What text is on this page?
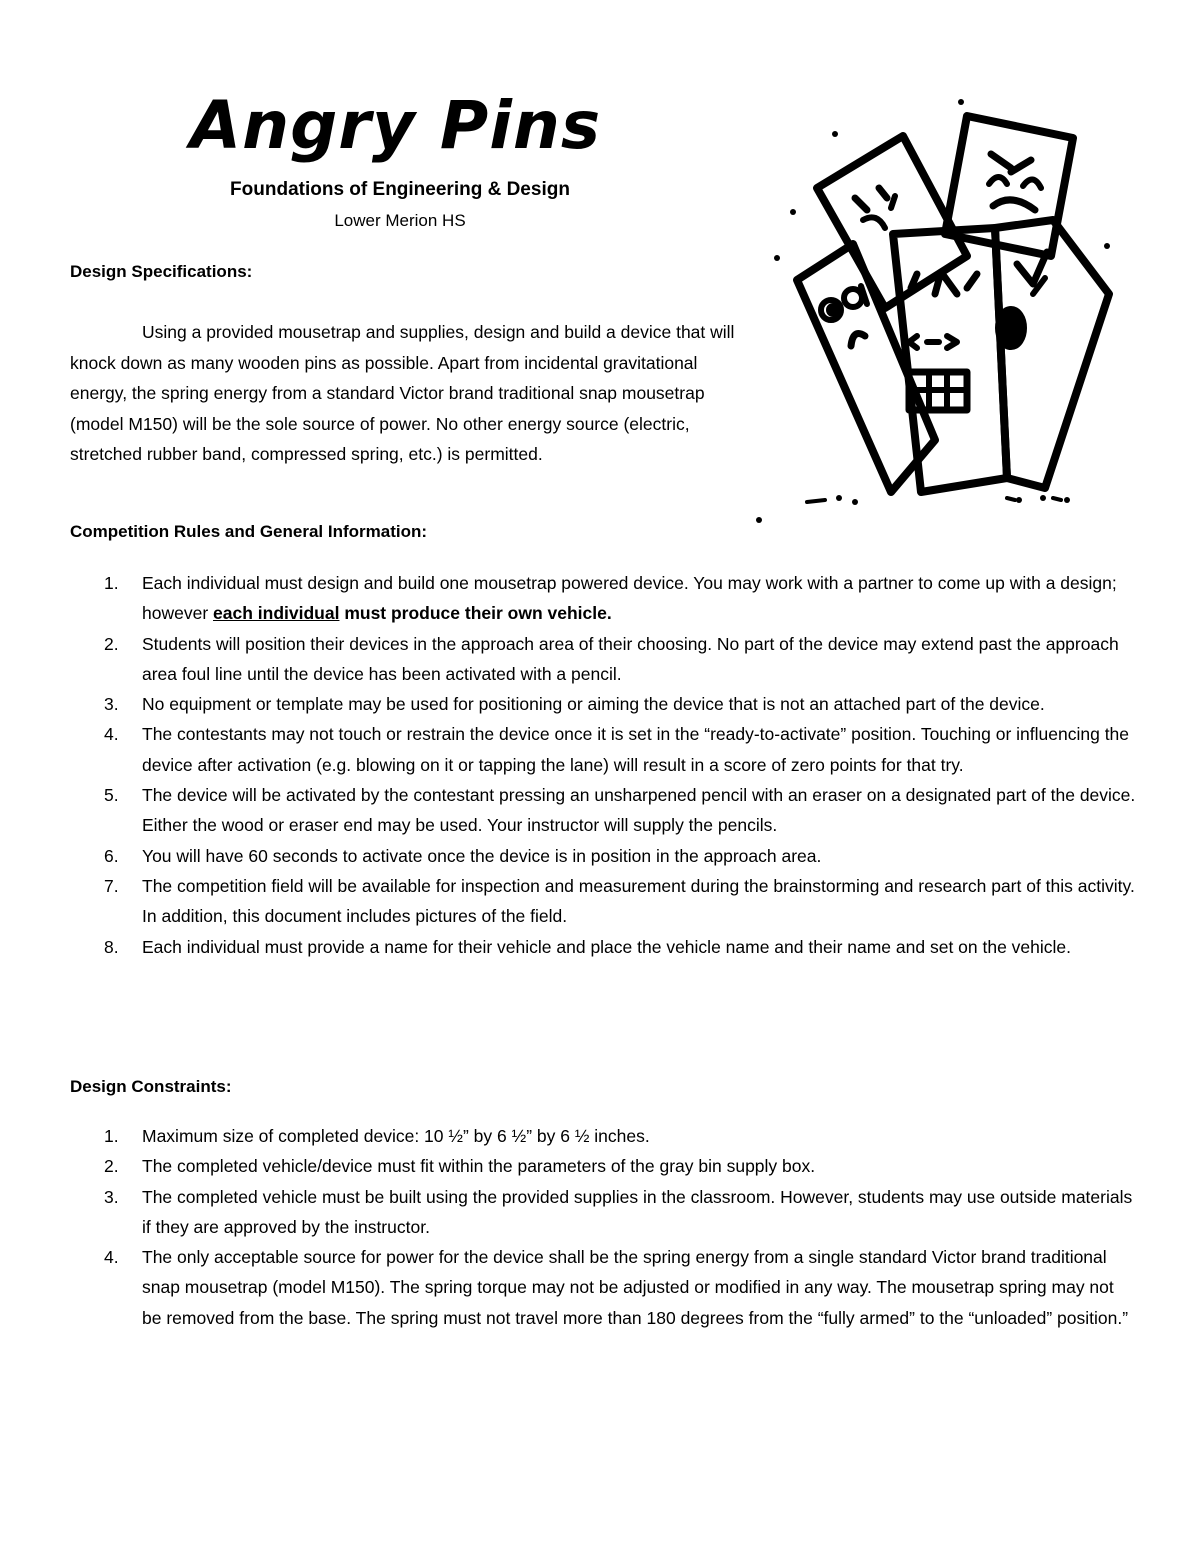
Angry Pins
Foundations of Engineering & Design
Lower Merion HS
Design Specifications:

Using a provided mousetrap and supplies, design and build a device that will knock down as many wooden pins as possible. Apart from incidental gravitational energy, the spring energy from a standard Victor brand traditional snap mousetrap (model M150) will be the sole source of power. No other energy source (electric, stretched rubber band, compressed spring, etc.) is permitted.

Competition Rules and General Information:
1. Each individual must design and build one mousetrap powered device. You may work with a partner to come up with a design; however each individual must produce their own vehicle.
2. Students will position their devices in the approach area of their choosing. No part of the device may extend past the approach area foul line until the device has been activated with a pencil.
3. No equipment or template may be used for positioning or aiming the device that is not an attached part of the device.
4. The contestants may not touch or restrain the device once it is set in the “ready-to-activate” position. Touching or influencing the device after activation (e.g. blowing on it or tapping the lane) will result in a score of zero points for that try.
5. The device will be activated by the contestant pressing an unsharpened pencil with an eraser on a designated part of the device. Either the wood or eraser end may be used. Your instructor will supply the pencils.
6. You will have 60 seconds to activate once the device is in position in the approach area.
7. The competition field will be available for inspection and measurement during the brainstorming and research part of this activity. In addition, this document includes pictures of the field.
8. Each individual must provide a name for their vehicle and place the vehicle name and their name and set on the vehicle.
Design Constraints:
1. Maximum size of completed device: 10 ½” by 6 ½” by 6 ½ inches.
2. The completed vehicle/device must fit within the parameters of the gray bin supply box.
3. The completed vehicle must be built using the provided supplies in the classroom. However, students may use outside materials if they are approved by the instructor.
4. The only acceptable source for power for the device shall be the spring energy from a single standard Victor brand traditional snap mousetrap (model M150). The spring torque may not be adjusted or modified in any way. The mousetrap spring may not be removed from the base. The spring must not travel more than 180 degrees from the “fully armed” to the “unloaded” position.”
